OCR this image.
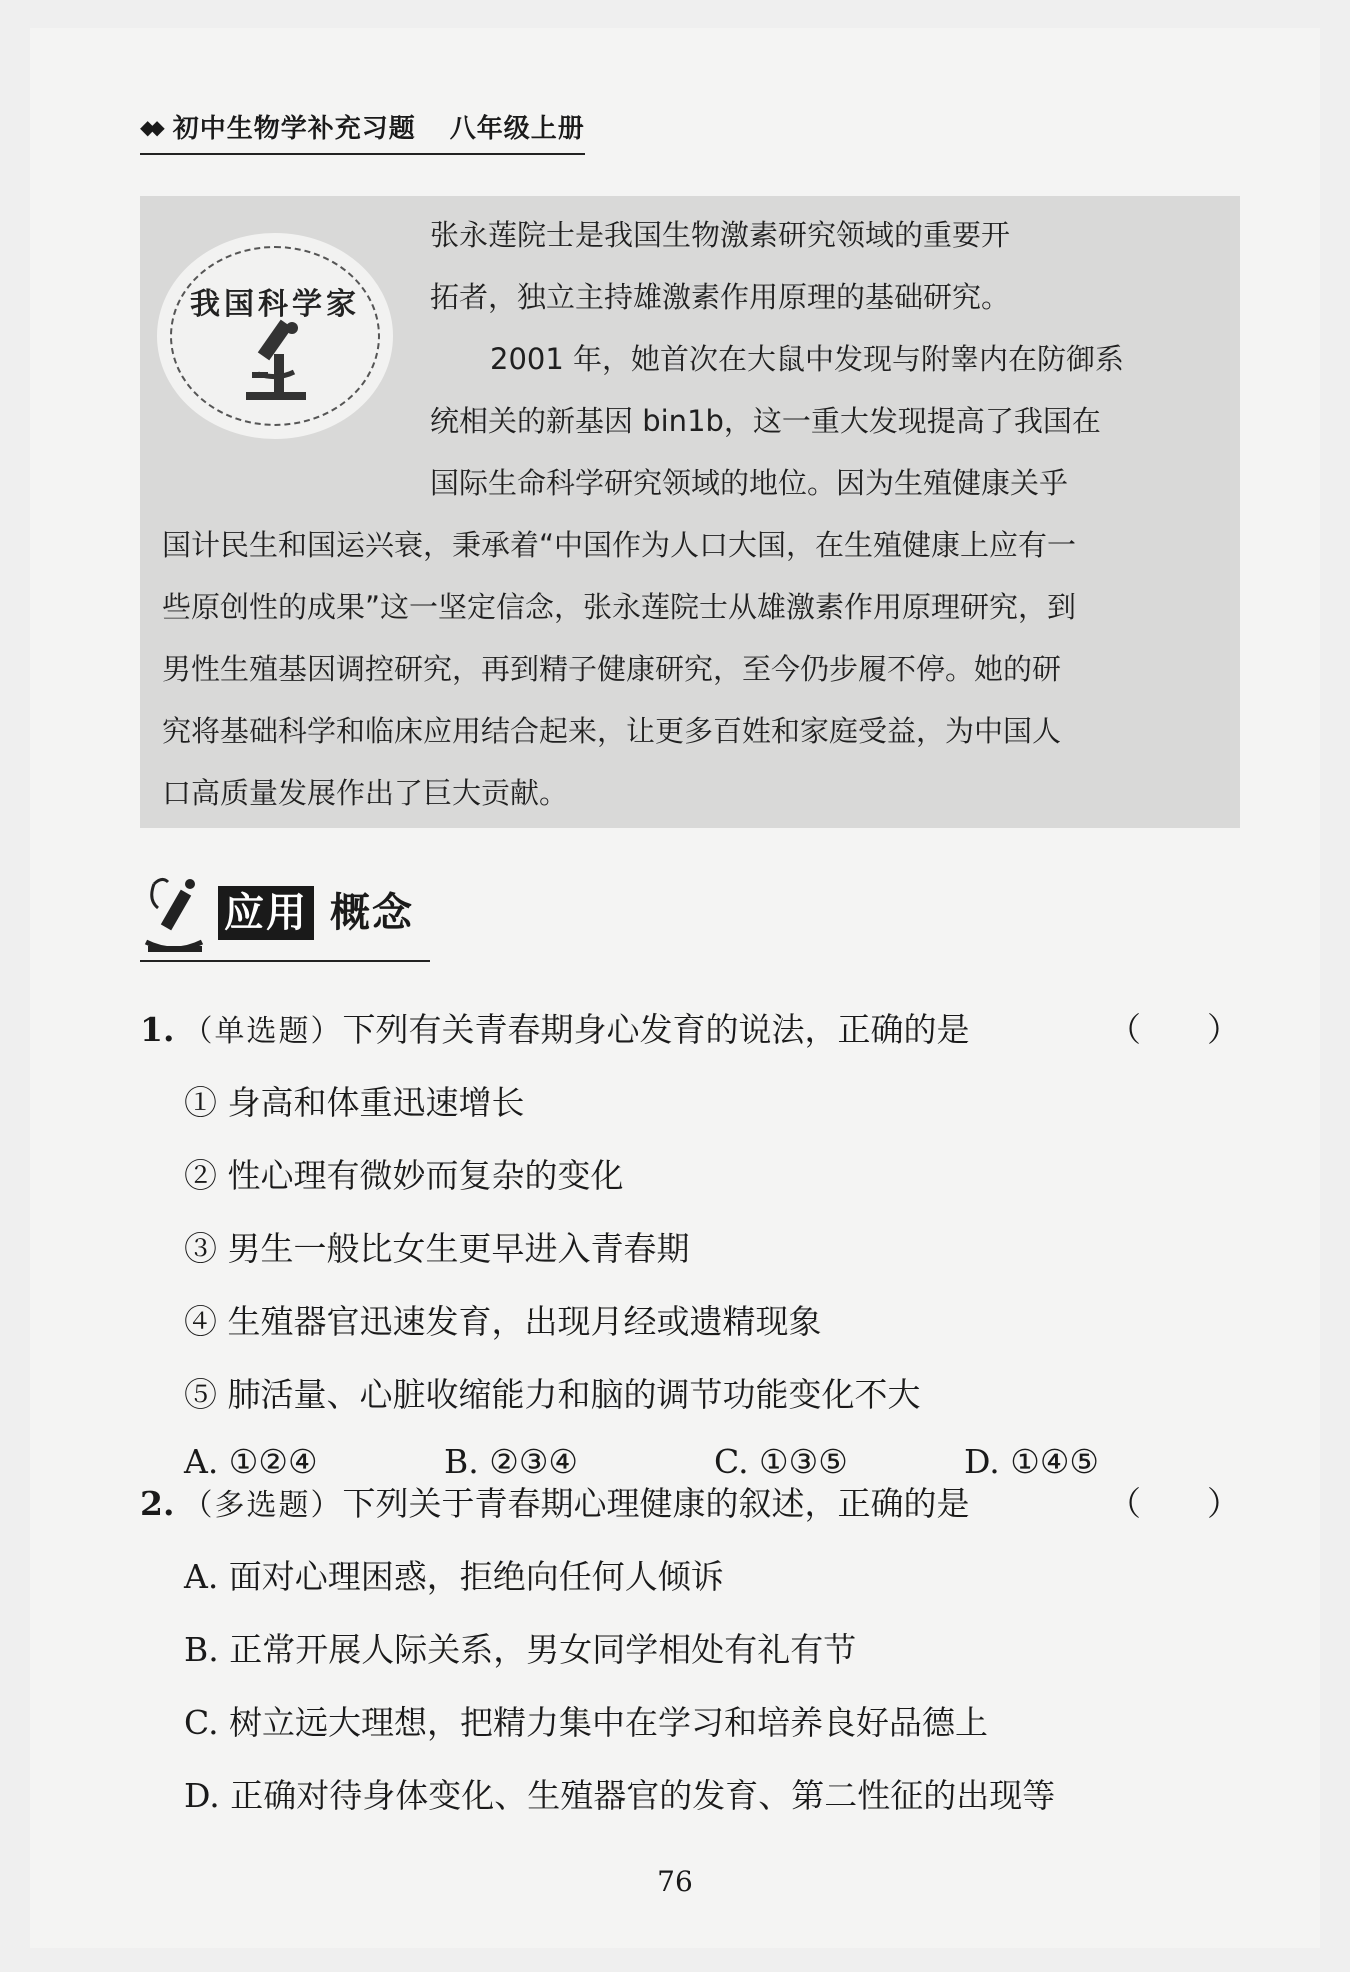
◆◆ 初中生物学补充习题 八年级上册
我国科学家
张永莲院士是我国生物激素研究领域的重要开
拓者，独立主持雄激素作用原理的基础研究。
2001 年，她首次在大鼠中发现与附睾内在防御系
统相关的新基因 bin1b，这一重大发现提高了我国在
国际生命科学研究领域的地位。因为生殖健康关乎
国计民生和国运兴衰，秉承着“中国作为人口大国，在生殖健康上应有一
些原创性的成果”这一坚定信念，张永莲院士从雄激素作用原理研究，到
男性生殖基因调控研究，再到精子健康研究，至今仍步履不停。她的研
究将基础科学和临床应用结合起来，让更多百姓和家庭受益，为中国人
口高质量发展作出了巨大贡献。
应用 概念
1. （单选题） 下列有关青春期身心发育的说法，正确的是	（　　）
① 身高和体重迅速增长
② 性心理有微妙而复杂的变化
③ 男生一般比女生更早进入青春期
④ 生殖器官迅速发育，出现月经或遗精现象
⑤ 肺活量、心脏收缩能力和脑的调节功能变化不大
A. ①②④	B. ②③④	C. ①③⑤	D. ①④⑤
2. （多选题） 下列关于青春期心理健康的叙述，正确的是	（　　）
A. 面对心理困惑，拒绝向任何人倾诉
B. 正常开展人际关系，男女同学相处有礼有节
C. 树立远大理想，把精力集中在学习和培养良好品德上
D. 正确对待身体变化、生殖器官的发育、第二性征的出现等
76
